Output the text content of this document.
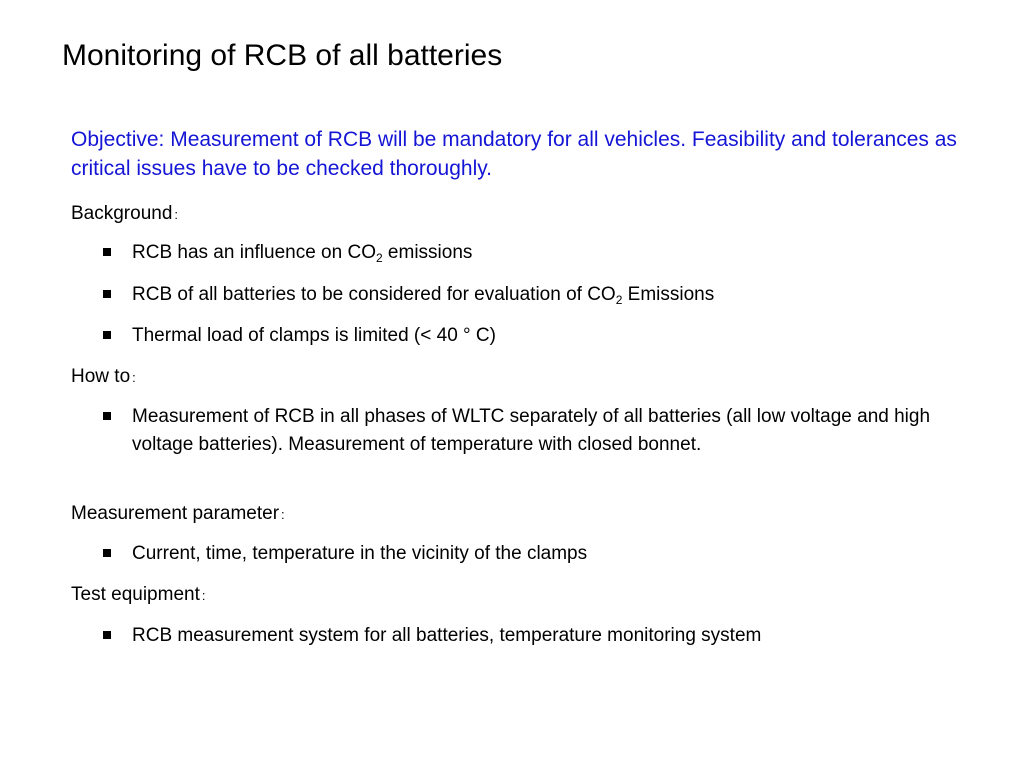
Monitoring of RCB of all batteries
Objective: Measurement of RCB will be mandatory for all vehicles. Feasibility and tolerances as critical issues have to be checked thoroughly.
Background :
RCB has an influence on $CO_2$ emissions
RCB of all batteries to be considered for evaluation of $CO_2$ Emissions
Thermal load of clamps is limited (< 40 ° C)
How to :
Measurement of RCB in all phases of WLTC separately of all batteries (all low voltage and high voltage batteries). Measurement of temperature with closed bonnet.
Measurement parameter :
Current, time, temperature in the vicinity of the clamps
Test equipment :
RCB measurement system for all batteries, temperature monitoring system
